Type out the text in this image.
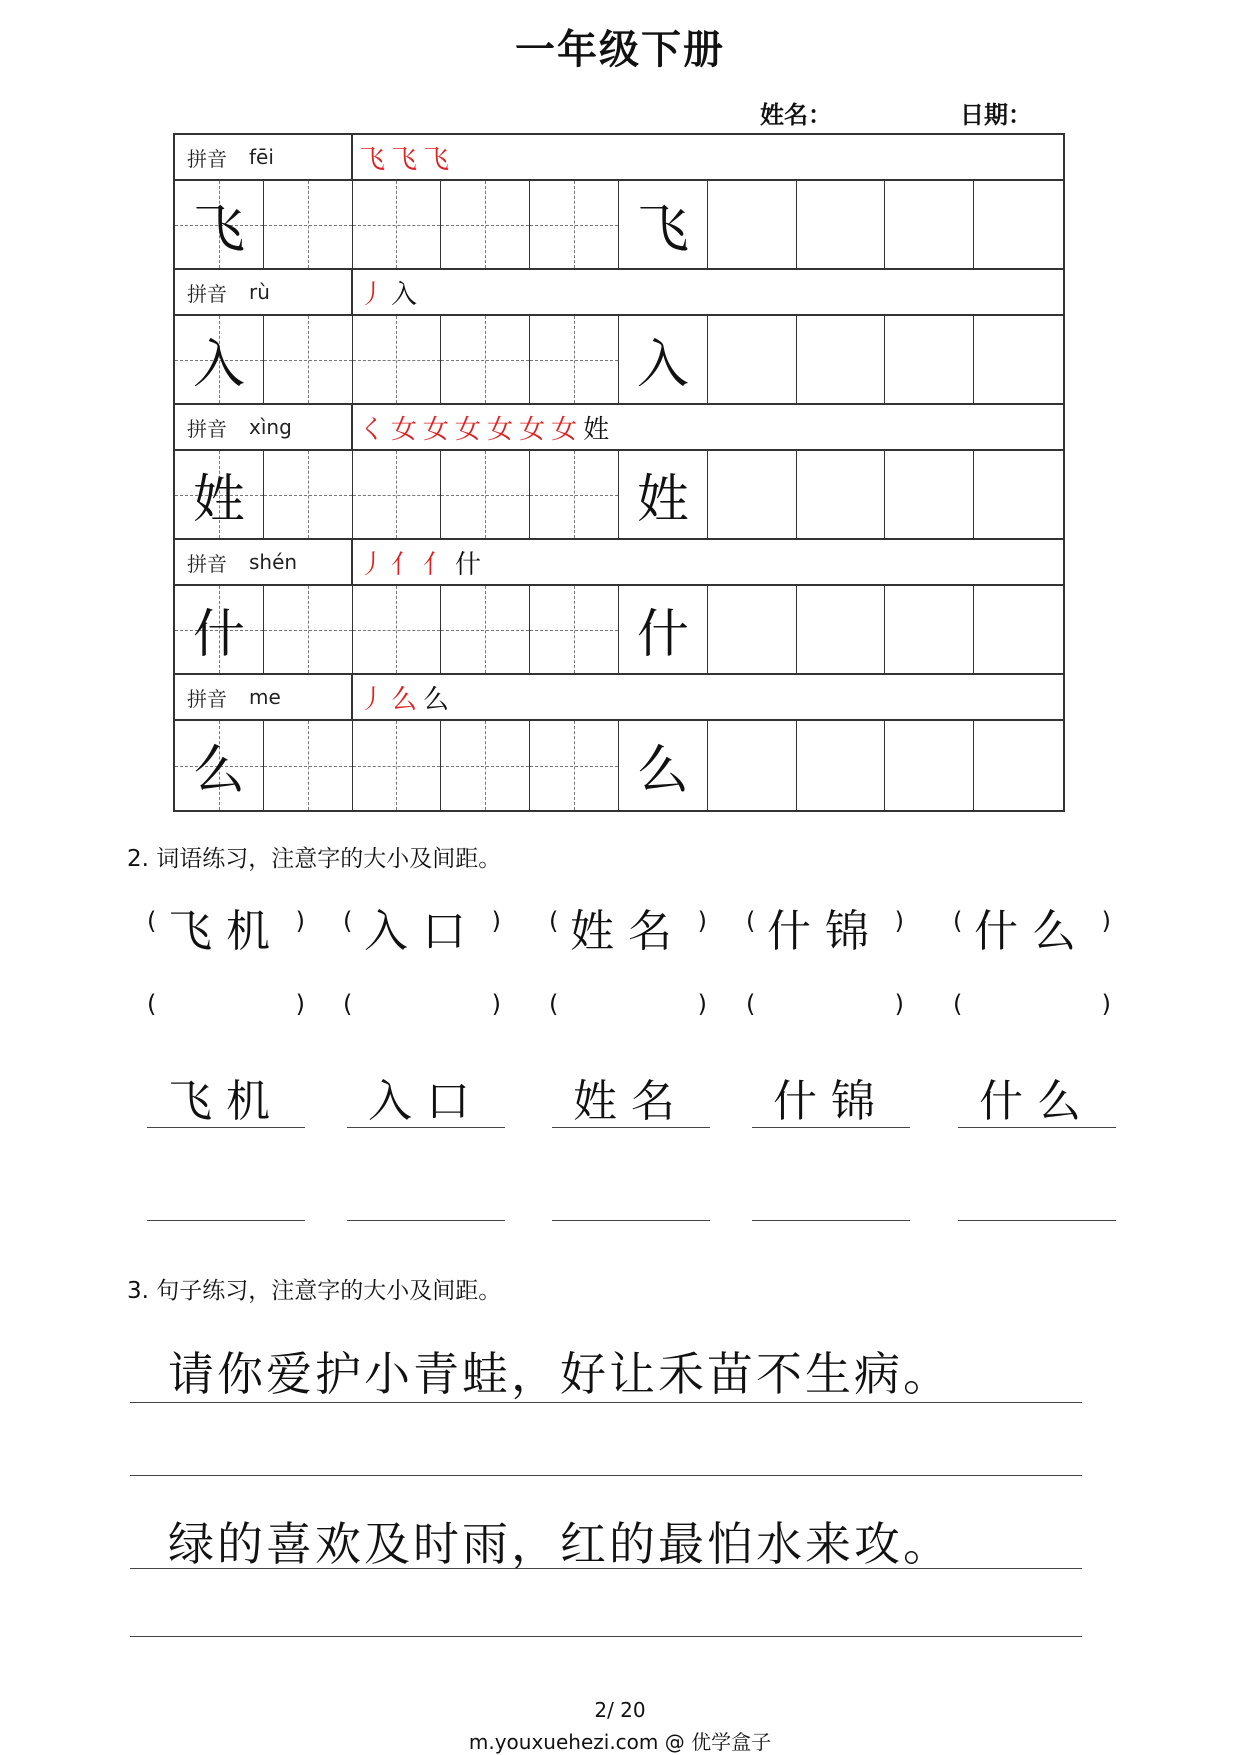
一年级下册
姓名：	日期：
拼音 fēi	飞 飞 飞
飞	飞
拼音 rù	丿 入
入	入
拼音 xìng	く 女 女 女 女 女 女 姓
姓	姓
拼音 shén 丿 亻 亻 什
什	什
拼音 me	丿 么 么
么	么
2. 词语练习，注意字的大小及间距。
( 飞机 ) ( 入口 ) ( 姓名 ) ( 什锦 ) ( 什么 )
(	) (	) (	) (	) (	)
飞机	入口	姓名	什锦	什么
3. 句子练习，注意字的大小及间距。
请你爱护小青蛙，好让禾苗不生病。
绿的喜欢及时雨，红的最怕水来攻。
2/ 20
m.youxuehezi.com @ 优学盒子
